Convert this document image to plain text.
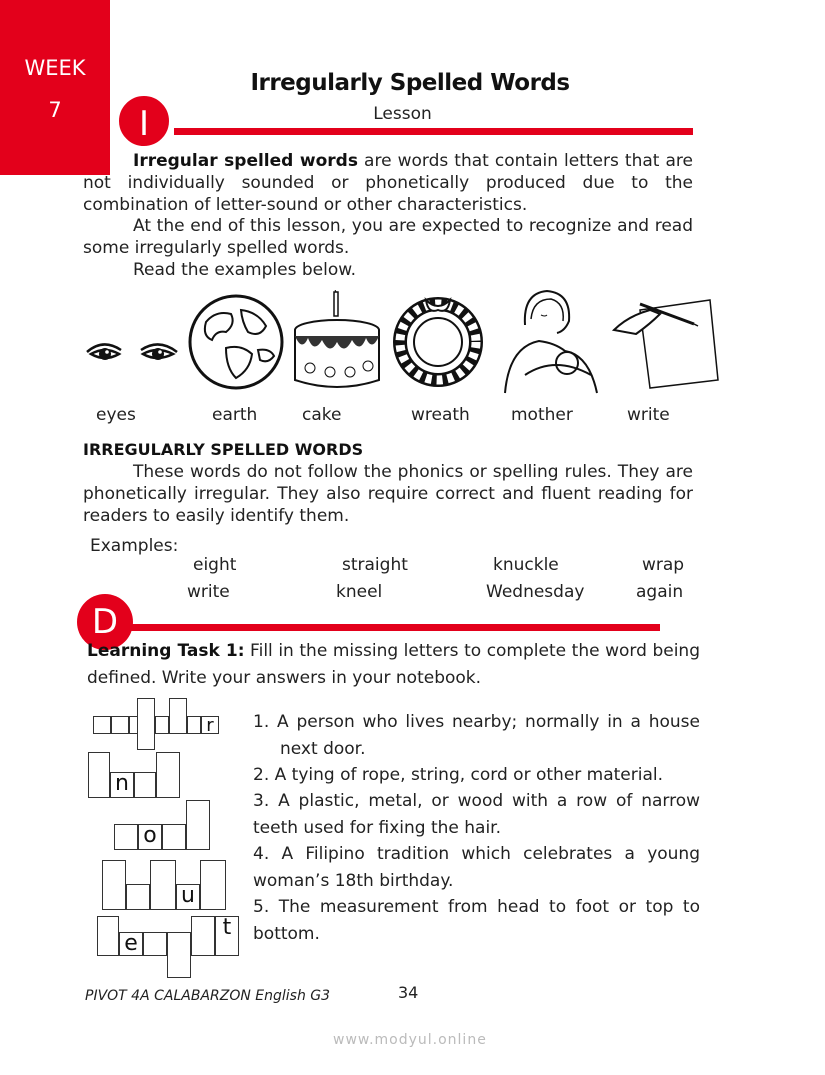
WEEK
7
Irregularly Spelled Words
Lesson
I
Irregular spelled words are words that contain letters that are not individually sounded or phonetically produced due to the combination of letter-sound or other characteristics.
At the end of this lesson, you are expected to recognize and read some irregularly spelled words.
Read the examples below.
eyes	earth	cake	wreath mother	write
IRREGULARLY SPELLED WORDS
These words do not follow the phonics or spelling rules. They are phonetically irregular. They also require correct and fluent reading for readers to easily identify them.
Examples:
eight	straight	knuckle	wrap
write	kneel	Wednesday	again
D
Learning Task 1: Fill in the missing letters to complete the word being defined. Write your answers in your notebook.
1. A person who lives nearby; normally in a house next door.
2. A tying of rope, string, cord or other material.
3. A plastic, metal, or wood with a row of narrow teeth used for fixing the hair.
4. A Filipino tradition which celebrates a young woman’s 18th birthday.
5. The measurement from head to foot or top to bottom.
r
n
o
u
e
t
PIVOT 4A CALABARZON English G3	34
www.modyul.online
